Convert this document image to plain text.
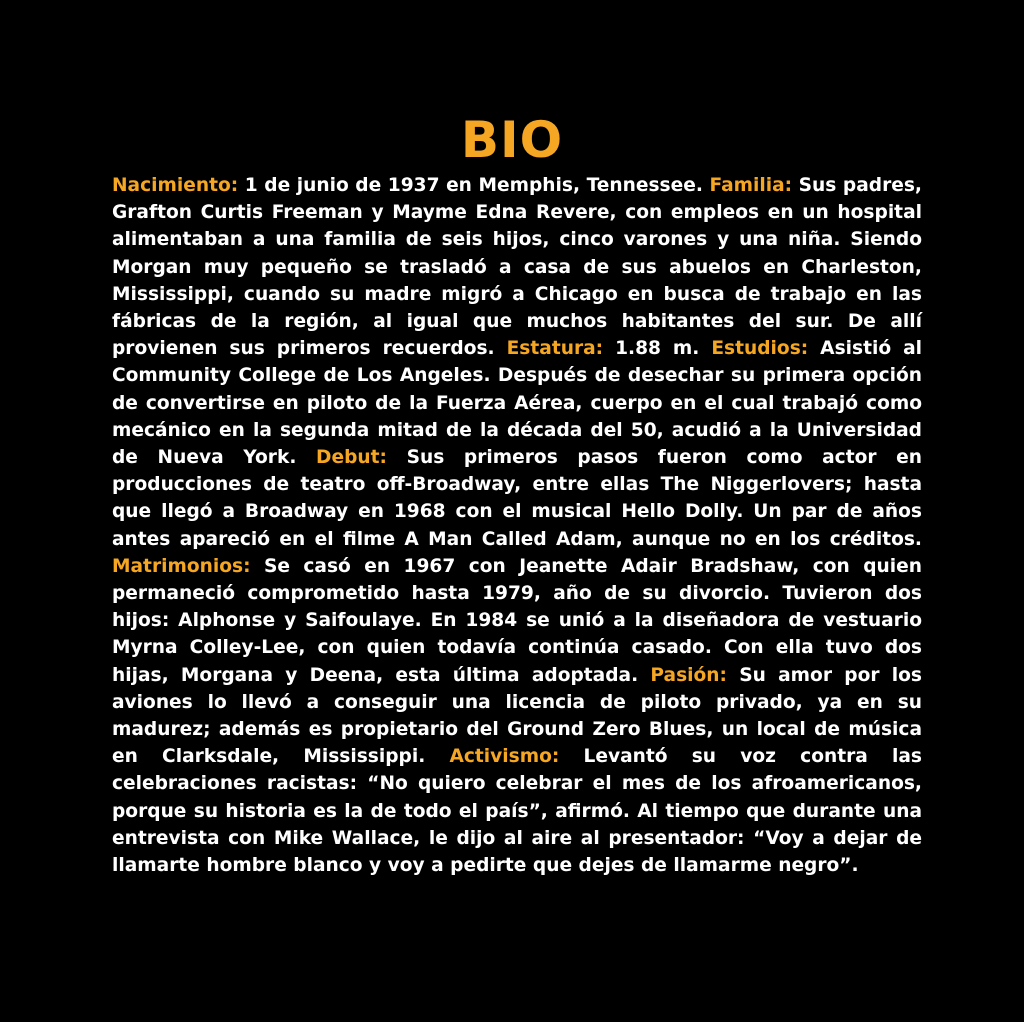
BIO

Nacimiento: 1 de junio de 1937 en Memphis, Tennessee. Familia: Sus padres, Grafton Curtis Freeman y Mayme Edna Revere, con empleos en un hospital alimentaban a una familia de seis hijos, cinco varones y una niña. Siendo Morgan muy pequeño se trasladó a casa de sus abuelos en Charleston, Mississippi, cuando su madre migró a Chicago en busca de trabajo en las fábricas de la región, al igual que muchos habitantes del sur. De allí provienen sus primeros recuerdos. Estatura: 1.88 m. Estudios: Asistió al Community College de Los Angeles. Después de desechar su primera opción de convertirse en piloto de la Fuerza Aérea, cuerpo en el cual trabajó como mecánico en la segunda mitad de la década del 50, acudió a la Universidad de Nueva York. Debut: Sus primeros pasos fueron como actor en producciones de teatro off-Broadway, entre ellas The Niggerlovers; hasta que llegó a Broadway en 1968 con el musical Hello Dolly. Un par de años antes apareció en el filme A Man Called Adam, aunque no en los créditos. Matrimonios: Se casó en 1967 con Jeanette Adair Bradshaw, con quien permaneció comprometido hasta 1979, año de su divorcio. Tuvieron dos hijos: Alphonse y Saifoulaye. En 1984 se unió a la diseñadora de vestuario Myrna Colley-Lee, con quien todavía continúa casado. Con ella tuvo dos hijas, Morgana y Deena, esta última adoptada. Pasión: Su amor por los aviones lo llevó a conseguir una licencia de piloto privado, ya en su madurez; además es propietario del Ground Zero Blues, un local de música en Clarksdale, Mississippi. Activismo: Levantó su voz contra las celebraciones racistas: “No quiero celebrar el mes de los afroamericanos, porque su historia es la de todo el país”, afirmó. Al tiempo que durante una entrevista con Mike Wallace, le dijo al aire al presentador: “Voy a dejar de llamarte hombre blanco y voy a pedirte que dejes de llamarme negro”.
